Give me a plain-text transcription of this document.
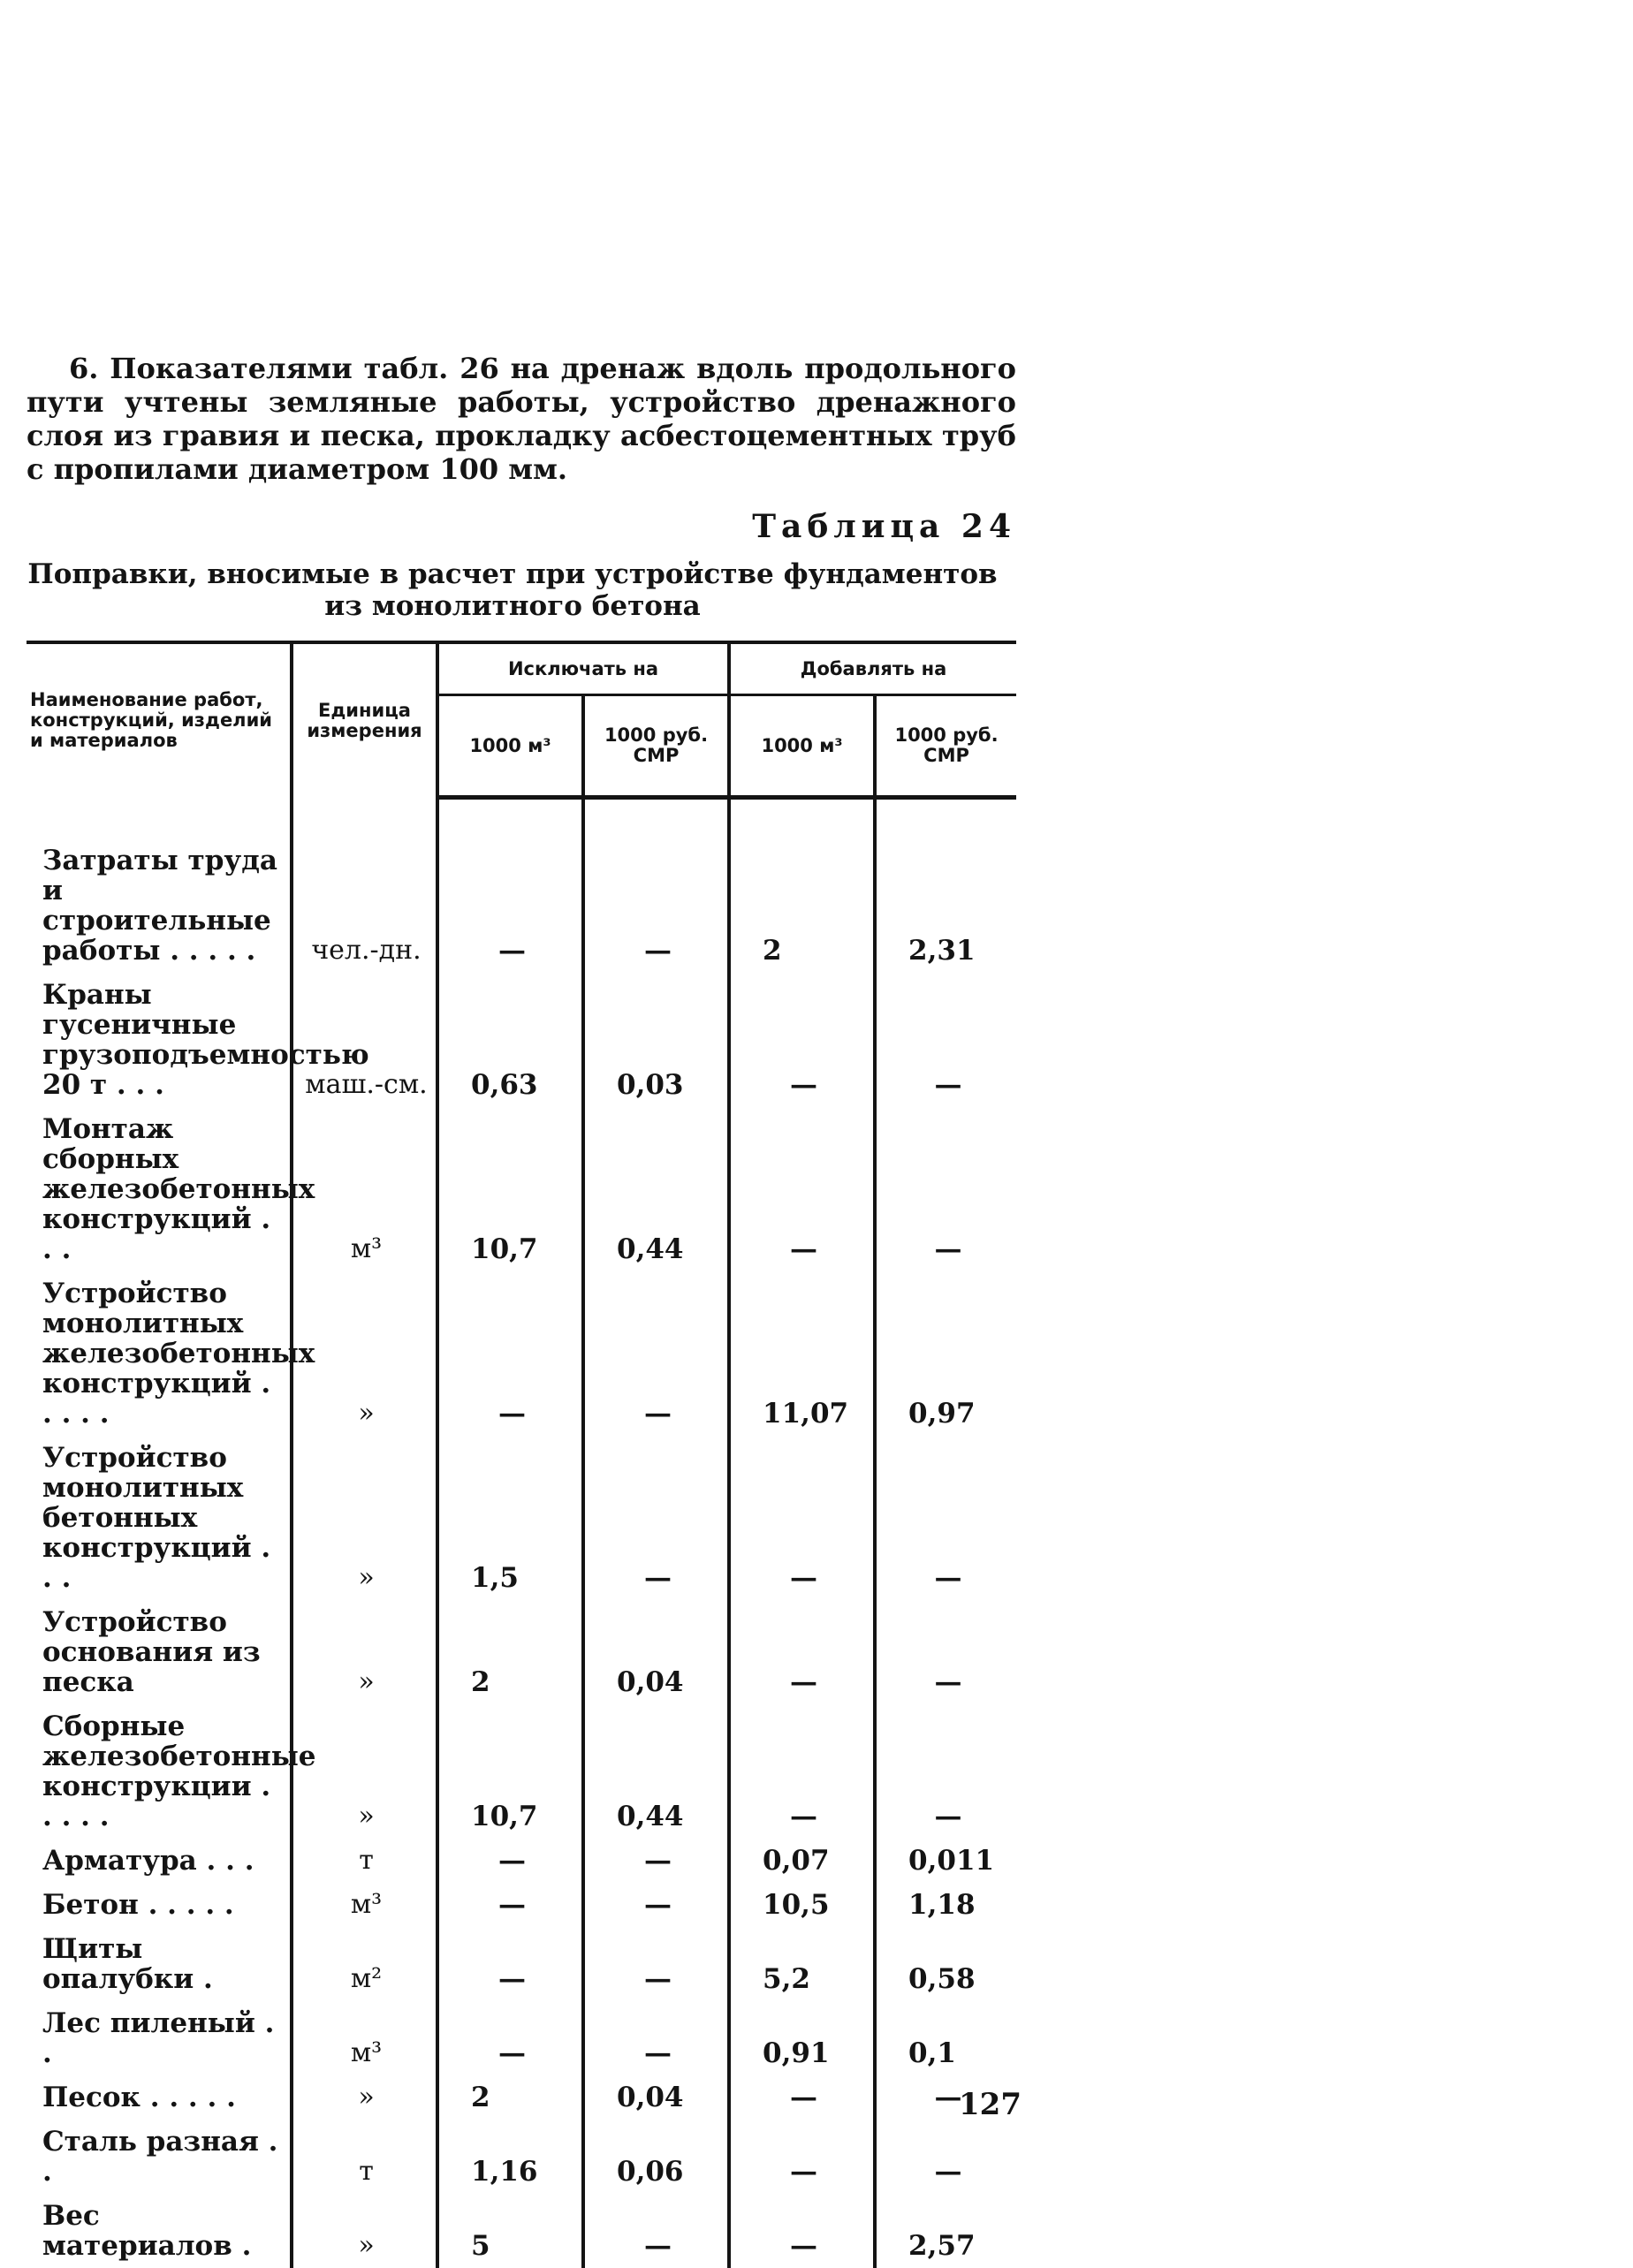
6. Показателями табл. 26 на дренаж вдоль продольного пути учтены земляные работы, устройство дренажного слоя из гравия и песка, прокладку асбестоцементных труб с пропилами диаметром 100 мм.

Таблица 24

Поправки, вносимые в расчет при устройстве фундаментов
из монолитного бетона
Наименование работ, конструкций, изделий и материалов	Единица измерения	Исключать на		Добавлять на	
		1000 м³	1000 руб. СМР	1000 м³	1000 руб. СМР
Затраты труда и строительные работы . . . . .	чел.-дн.	—	—	2	2,31
Краны гусеничные грузоподъемностью 20 т . . .	маш.-см.	0,63	0,03	—	—
Монтаж сборных железобетонных конструкций . . .	м³	10,7	0,44	—	—
Устройство монолитных железобетонных конструкций . . . . .	»	—	—	11,07	0,97
Устройство монолитных бетонных конструкций . . .	»	1,5	—	—	—
Устройство основания из песка	»	2	0,04	—	—
Сборные железобетонные конструкции . . . . .	»	10,7	0,44	—	—
Арматура . . .	т	—	—	0,07	0,011
Бетон . . . . .	м³	—	—	10,5	1,18
Щиты опалубки .	м²	—	—	5,2	0,58
Лес пиленый . .	м³	—	—	0,91	0,1
Песок . . . . .	»	2	0,04	—	—
Сталь разная . .	т	1,16	0,06	—	—
Вес материалов .	»	5	—	—	2,57

127
